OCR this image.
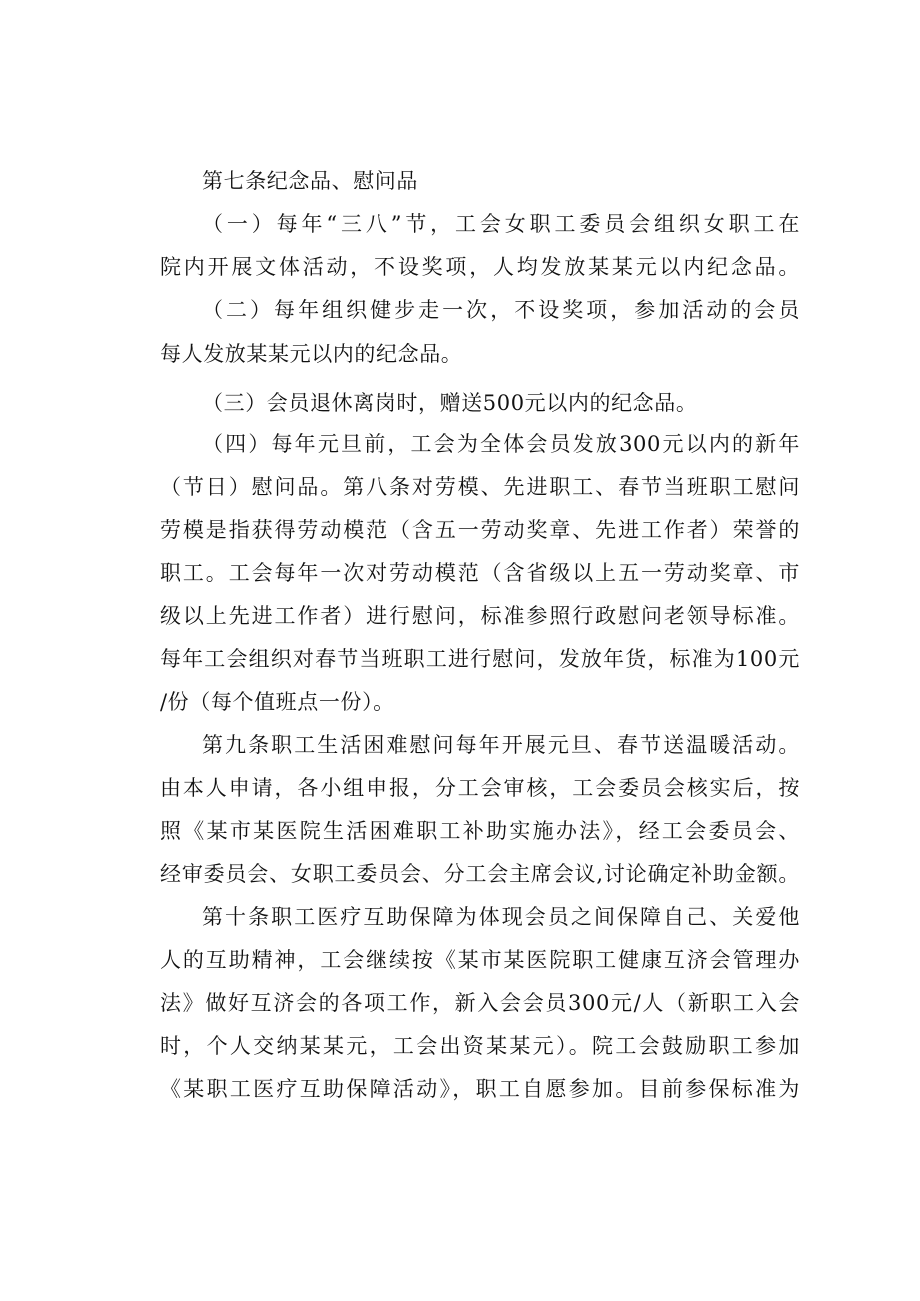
第七条纪念品、慰问品
（一）每年“三八”节，工会女职工委员会组织女职工在
院内开展文体活动，不设奖项，人均发放某某元以内纪念品。
（二）每年组织健步走一次，不设奖项，参加活动的会员
每人发放某某元以内的纪念品。
（三）会员退休离岗时，赠送500元以内的纪念品。
（四）每年元旦前，工会为全体会员发放300元以内的新年
（节日）慰问品。第八条对劳模、先进职工、春节当班职工慰问
劳模是指获得劳动模范（含五一劳动奖章、先进工作者）荣誉的
职工。工会每年一次对劳动模范（含省级以上五一劳动奖章、市
级以上先进工作者）进行慰问，标准参照行政慰问老领导标准。
每年工会组织对春节当班职工进行慰问，发放年货，标准为100元
/份（每个值班点一份）。
第九条职工生活困难慰问每年开展元旦、春节送温暖活动。
由本人申请，各小组申报，分工会审核，工会委员会核实后，按
照《某市某医院生活困难职工补助实施办法》，经工会委员会、
经审委员会、女职工委员会、分工会主席会议,讨论确定补助金额。
第十条职工医疗互助保障为体现会员之间保障自己、关爱他
人的互助精神，工会继续按《某市某医院职工健康互济会管理办
法》做好互济会的各项工作，新入会会员300元/人（新职工入会
时，个人交纳某某元，工会出资某某元）。院工会鼓励职工参加
《某职工医疗互助保障活动》，职工自愿参加。目前参保标准为
